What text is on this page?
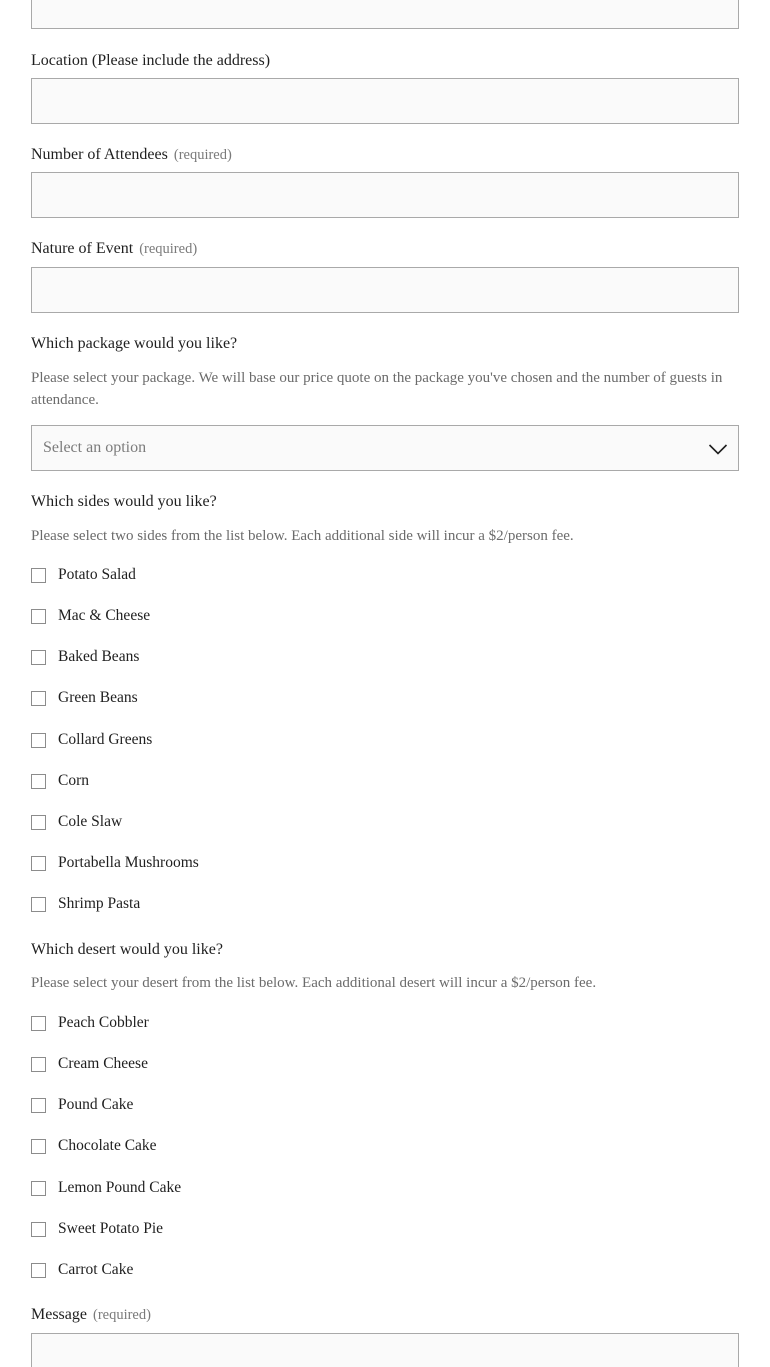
Location (Please include the address)
Number of Attendees (required)
Nature of Event (required)
Which package would you like?
Please select your package. We will base our price quote on the package you've chosen and the number of guests in attendance.
Select an option
Which sides would you like?
Please select two sides from the list below. Each additional side will incur a $2/person fee.
Potato Salad
Mac & Cheese
Baked Beans
Green Beans
Collard Greens
Corn
Cole Slaw
Portabella Mushrooms
Shrimp Pasta
Which desert would you like?
Please select your desert from the list below. Each additional desert will incur a $2/person fee.
Peach Cobbler
Cream Cheese
Pound Cake
Chocolate Cake
Lemon Pound Cake
Sweet Potato Pie
Carrot Cake
Message (required)
